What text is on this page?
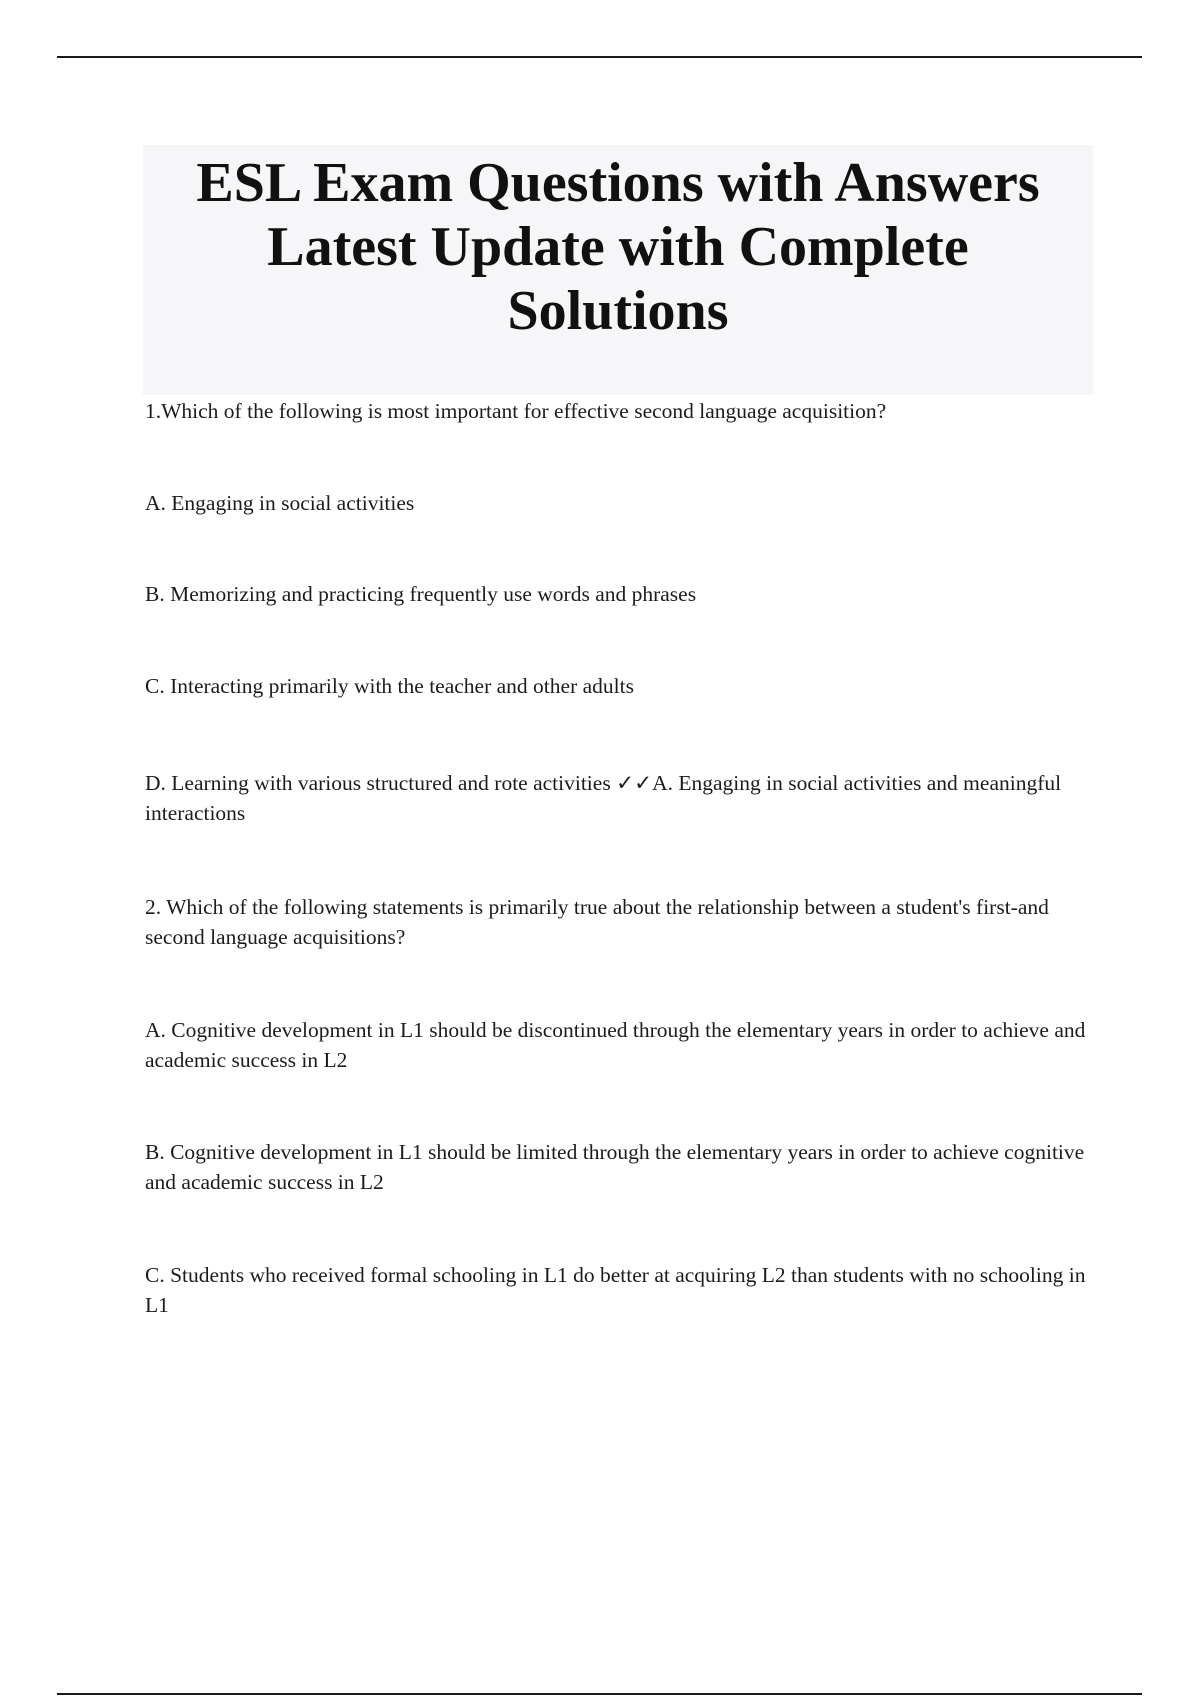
ESL Exam Questions with Answers
Latest Update with Complete
Solutions

1.Which of the following is most important for effective second language acquisition?

A. Engaging in social activities

B. Memorizing and practicing frequently use words and phrases

C. Interacting primarily with the teacher and other adults

D. Learning with various structured and rote activities ✓✓A. Engaging in social activities and meaningful interactions

2. Which of the following statements is primarily true about the relationship between a student's first-and second language acquisitions?

A. Cognitive development in L1 should be discontinued through the elementary years in order to achieve and academic success in L2

B. Cognitive development in L1 should be limited through the elementary years in order to achieve cognitive and academic success in L2

C. Students who received formal schooling in L1 do better at acquiring L2 than students with no schooling in L1
